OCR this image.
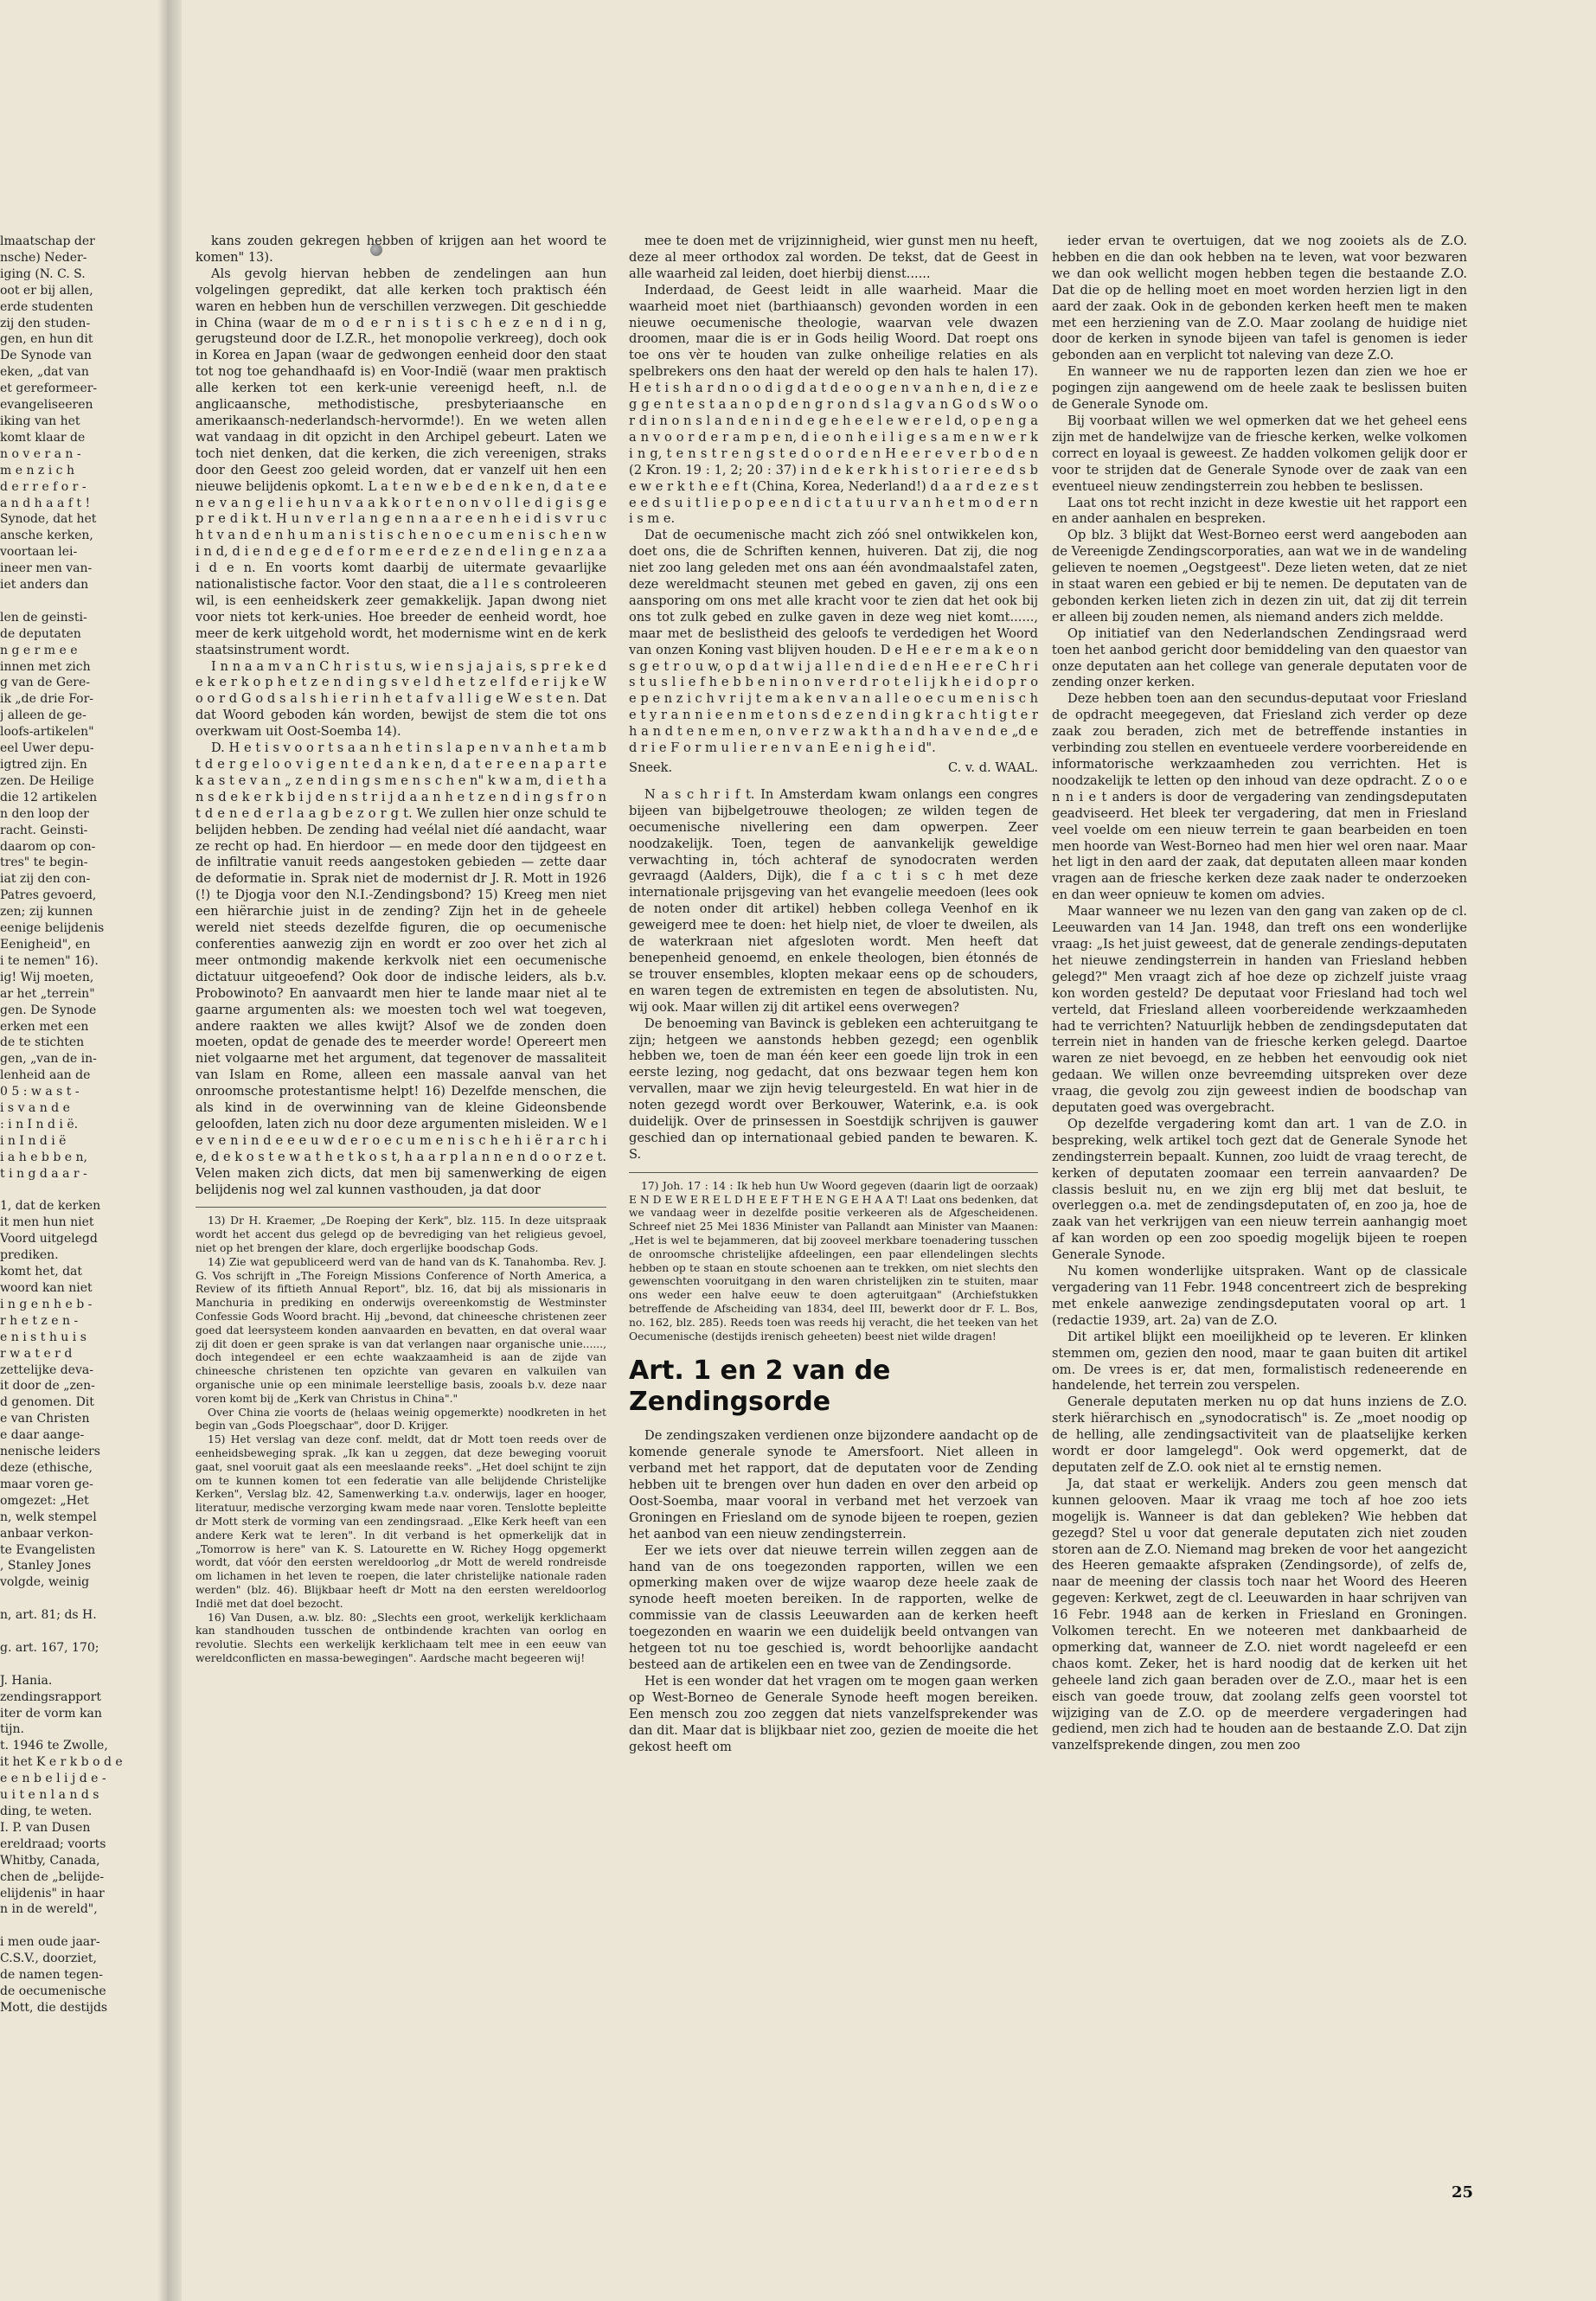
lmaatschap der
nsche) Neder-
iging (N. C. S.
oot er bij allen,
erde studenten
zij den studen-
gen, en hun dit
De Synode van
eken, „dat van
et gereformeer-
evangeliseeren
iking van het
komt klaar de
n o v e r a n -
m e n z i c h
d e r r e f o r -
a n d h a a f t !
Synode, dat het
ansche kerken,
voortaan lei-
ineer men van-
iet anders dan

len de geinsti-
de deputaten
n g e r m e e
innen met zich
g van de Gere-
ik „de drie For-
j alleen de ge-
loofs-artikelen"
eel Uwer depu-
igtred zijn. En
zen. De Heilige
die 12 artikelen
n den loop der
racht. Geinsti-
daarom op con-
tres" te begin-
iat zij den con-
Patres gevoerd,
zen; zij kunnen
eenige belijdenis
Eenigheid", en
i te nemen" 16).
ig! Wij moeten,
ar het „terrein"
gen. De Synode
erken met een
de te stichten
gen, „van de in-
lenheid aan de
0 5 : w a s t -
i s v a n d e
: i n I n d i ë.
i n I n d i ë
i a h e b b e n,
t i n g d a a r -

1, dat de kerken
it men hun niet
Voord uitgelegd
prediken.
komt het, dat
woord kan niet
i n g e n h e b -
r h e t z e n -
e n i s t h u i s
r w a t e r d
zettelijke deva-
it door de „zen-
d genomen. Dit
e van Christen
e daar aange-
nenische leiders
deze (ethische,
maar voren ge-
omgezet: „Het
n, welk stempel
anbaar verkon-
te Evangelisten
, Stanley Jones
volgde, weinig

n, art. 81; ds H.

g. art. 167, 170;

J. Hania.
zendingsrapport
iter de vorm kan
tijn.
t. 1946 te Zwolle,
it het K e r k b o d e
e e n b e l i j d e -
u i t e n l a n d s
ding, te weten.
I. P. van Dusen
ereldraad; voorts
Whitby, Canada,
chen de „belijde-
elijdenis" in haar
n in de wereld",

i men oude jaar-
C.S.V., doorziet,
de namen tegen-
de oecumenische
Mott, die destijds

kans zouden gekregen hebben of krijgen aan het woord te komen" 13).

Als gevolg hiervan hebben de zendelingen aan hun volgelingen gepredikt, dat alle kerken toch praktisch één waren en hebben hun de verschillen verzwegen. Dit geschiedde in China (waar de m o d e r n i s t i s c h e z e n d i n g, gerugsteund door de I.Z.R., het monopolie verkreeg), doch ook in Korea en Japan (waar de gedwongen eenheid door den staat tot nog toe gehandhaafd is) en Voor-Indië (waar men praktisch alle kerken tot een kerk-unie vereenigd heeft, n.l. de anglicaansche, methodistische, presbyteriaansche en amerikaansch-nederlandsch-hervormde!). En we weten allen wat vandaag in dit opzicht in den Archipel gebeurt. Laten we toch niet denken, dat die kerken, die zich vereenigen, straks door den Geest zoo geleid worden, dat er vanzelf uit hen een nieuwe belijdenis opkomt. L a t e n w e b e d e n k e n, d a t e e n e v a n g e l i e h u n v a a k k o r t e n o n v o l l e d i g i s g e p r e d i k t. H u n v e r l a n g e n n a a r e e n h e i d i s v r u c h t v a n d e n h u m a n i s t i s c h e n o e c u m e n i s c h e n w i n d, d i e n d e g e d e f o r m e e r d e z e n d e l i n g e n z a a i d e n. En voorts komt daarbij de uitermate gevaarlijke nationalistische factor. Voor den staat, die a l l e s controleeren wil, is een eenheidskerk zeer gemakkelijk. Japan dwong niet voor niets tot kerk-unies. Hoe breeder de eenheid wordt, hoe meer de kerk uitgehold wordt, het modernisme wint en de kerk staatsinstrument wordt.

I n n a a m v a n C h r i s t u s, w i e n s j a j a i s, s p r e k e d e k e r k o p h e t z e n d i n g s v e l d h e t z e l f d e r i j k e W o o r d G o d s a l s h i e r i n h e t a f v a l l i g e W e s t e n. Dat dat Woord geboden kán worden, bewijst de stem die tot ons overkwam uit Oost-Soemba 14).

D. H e t i s v o o r t s a a n h e t i n s l a p e n v a n h e t a m b t d e r g e l o o v i g e n t e d a n k e n, d a t e r e e n a p a r t e k a s t e v a n „ z e n d i n g s m e n s c h e n" k w a m, d i e t h a n s d e k e r k b i j d e n s t r i j d a a n h e t z e n d i n g s f r o n t d e n e d e r l a a g b e z o r g t. We zullen hier onze schuld te belijden hebben. De zending had veélal niet díé aandacht, waar ze recht op had. En hierdoor — en mede door den tijdgeest en de infiltratie vanuit reeds aangestoken gebieden — zette daar de deformatie in. Sprak niet de modernist dr J. R. Mott in 1926 (!) te Djogja voor den N.I.-Zendingsbond? 15) Kreeg men niet een hiërarchie juist in de zending? Zijn het in de geheele wereld niet steeds dezelfde figuren, die op oecumenische conferenties aanwezig zijn en wordt er zoo over het zich al meer ontmondig makende kerkvolk niet een oecumenische dictatuur uitgeoefend? Ook door de indische leiders, als b.v. Probowinoto? En aanvaardt men hier te lande maar niet al te gaarne argumenten als: we moesten toch wel wat toegeven, andere raakten we alles kwijt? Alsof we de zonden doen moeten, opdat de genade des te meerder worde! Opereert men niet volgaarne met het argument, dat tegenover de massaliteit van Islam en Rome, alleen een massale aanval van het onroomsche protestantisme helpt! 16) Dezelfde menschen, die als kind in de overwinning van de kleine Gideonsbende geloofden, laten zich nu door deze argumenten misleiden. W e l e v e n i n d e e e u w d e r o e c u m e n i s c h e h i ë r a r c h i e, d e k o s t e w a t h e t k o s t, h a a r p l a n n e n d o o r z e t. Velen maken zich dicts, dat men bij samenwerking de eigen belijdenis nog wel zal kunnen vasthouden, ja dat door

13) Dr H. Kraemer, „De Roeping der Kerk", blz. 115. In deze uitspraak wordt het accent dus gelegd op de bevrediging van het religieus gevoel, niet op het brengen der klare, doch ergerlijke boodschap Gods.

14) Zie wat gepubliceerd werd van de hand van ds K. Tanahomba. Rev. J. G. Vos schrijft in „The Foreign Missions Conference of North America, a Review of its fiftieth Annual Report", blz. 16, dat bij als missionaris in Manchuria in prediking en onderwijs overeenkomstig de Westminster Confessie Gods Woord bracht. Hij „bevond, dat chineesche christenen zeer goed dat leersysteem konden aanvaarden en bevatten, en dat overal waar zij dit doen er geen sprake is van dat verlangen naar organische unie......, doch integendeel er een echte waakzaamheid is aan de zijde van chineesche christenen ten opzichte van gevaren en valkuilen van organische unie op een minimale leerstellige basis, zooals b.v. deze naar voren komt bij de „Kerk van Christus in China"."

Over China zie voorts de (helaas weinig opgemerkte) noodkreten in het begin van „Gods Ploegschaar", door D. Krijger.

15) Het verslag van deze conf. meldt, dat dr Mott toen reeds over de eenheidsbeweging sprak. „Ik kan u zeggen, dat deze beweging vooruit gaat, snel vooruit gaat als een meeslaande reeks". „Het doel schijnt te zijn om te kunnen komen tot een federatie van alle belijdende Christelijke Kerken", Verslag blz. 42, Samenwerking t.a.v. onderwijs, lager en hooger, literatuur, medische verzorging kwam mede naar voren. Tenslotte bepleitte dr Mott sterk de vorming van een zendingsraad. „Elke Kerk heeft van een andere Kerk wat te leren". In dit verband is het opmerkelijk dat in „Tomorrow is here" van K. S. Latourette en W. Richey Hogg opgemerkt wordt, dat vóór den eersten wereldoorlog „dr Mott de wereld rondreisde om lichamen in het leven te roepen, die later christelijke nationale raden werden" (blz. 46). Blijkbaar heeft dr Mott na den eersten wereldoorlog Indië met dat doel bezocht.

16) Van Dusen, a.w. blz. 80: „Slechts een groot, werkelijk kerklichaam kan standhouden tusschen de ontbindende krachten van oorlog en revolutie. Slechts een werkelijk kerklichaam telt mee in een eeuw van wereldconflicten en massa-bewegingen". Aardsche macht begeeren wij!

mee te doen met de vrijzinnigheid, wier gunst men nu heeft, deze al meer orthodox zal worden. De tekst, dat de Geest in alle waarheid zal leiden, doet hierbij dienst......

Inderdaad, de Geest leidt in alle waarheid. Maar die waarheid moet niet (barthiaansch) gevonden worden in een nieuwe oecumenische theologie, waarvan vele dwazen droomen, maar die is er in Gods heilig Woord. Dat roept ons toe ons vèr te houden van zulke onheilige relaties en als spelbrekers ons den haat der wereld op den hals te halen 17). H e t i s h a r d n o o d i g d a t d e o o g e n v a n h e n, d i e z e g g e n t e s t a a n o p d e n g r o n d s l a g v a n G o d s W o o r d i n o n s l a n d e n i n d e g e h e e l e w e r e l d, o p e n g a a n v o o r d e r a m p e n, d i e o n h e i l i g e s a m e n w e r k i n g, t e n s t r e n g s t e d o o r d e n H e e r e v e r b o d e n (2 Kron. 19 : 1, 2; 20 : 37) i n d e k e r k h i s t o r i e r e e d s b e w e r k t h e e f t (China, Korea, Nederland!) d a a r d e z e s t e e d s u i t l i e p o p e e n d i c t a t u u r v a n h e t m o d e r n i s m e.

Dat de oecumenische macht zich zóó snel ontwikkelen kon, doet ons, die de Schriften kennen, huiveren. Dat zij, die nog niet zoo lang geleden met ons aan één avondmaalstafel zaten, deze wereldmacht steunen met gebed en gaven, zij ons een aansporing om ons met alle kracht voor te zien dat het ook bij ons tot zulk gebed en zulke gaven in deze weg niet komt......, maar met de beslistheid des geloofs te verdedigen het Woord van onzen Koning vast blijven houden. D e H e e r e m a k e o n s g e t r o u w, o p d a t w i j a l l e n d i e d e n H e e r e C h r i s t u s l i e f h e b b e n i n o n v e r d r o t e l i j k h e i d o p r o e p e n z i c h v r i j t e m a k e n v a n a l l e o e c u m e n i s c h e t y r a n n i e e n m e t o n s d e z e n d i n g k r a c h t i g t e r h a n d t e n e m e n, o n v e r z w a k t h a n d h a v e n d e „d e d r i e F o r m u l i e r e n v a n E e n i g h e i d".

Sneek.	C. v. d. WAAL.

N a s c h r i f t. In Amsterdam kwam onlangs een congres bijeen van bijbelgetrouwe theologen; ze wilden tegen de oecumenische nivellering een dam opwerpen. Zeer noodzakelijk. Toen, tegen de aanvankelijk geweldige verwachting in, tóch achteraf de synodocraten werden gevraagd (Aalders, Dijk), die f a c t i s c h met deze internationale prijsgeving van het evangelie meedoen (lees ook de noten onder dit artikel) hebben collega Veenhof en ik geweigerd mee te doen: het hielp niet, de vloer te dweilen, als de waterkraan niet afgesloten wordt. Men heeft dat benepenheid genoemd, en enkele theologen, bien étonnés de se trouver ensembles, klopten mekaar eens op de schouders, en waren tegen de extremisten en tegen de absolutisten. Nu, wij ook. Maar willen zij dit artikel eens overwegen?

De benoeming van Bavinck is gebleken een achteruitgang te zijn; hetgeen we aanstonds hebben gezegd; een ogenblik hebben we, toen de man één keer een goede lijn trok in een eerste lezing, nog gedacht, dat ons bezwaar tegen hem kon vervallen, maar we zijn hevig teleurgesteld. En wat hier in de noten gezegd wordt over Berkouwer, Waterink, e.a. is ook duidelijk. Over de prinsessen in Soestdijk schrijven is gauwer geschied dan op internationaal gebied panden te bewaren. K. S.

17) Joh. 17 : 14 : Ik heb hun Uw Woord gegeven (daarin ligt de oorzaak) E N D E W E R E L D H E E F T H E N G E H A A T! Laat ons bedenken, dat we vandaag weer in dezelfde positie verkeeren als de Afgescheidenen. Schreef niet 25 Mei 1836 Minister van Pallandt aan Minister van Maanen: „Het is wel te bejammeren, dat bij zooveel merkbare toenadering tusschen de onroomsche christelijke afdeelingen, een paar ellendelingen slechts hebben op te staan en stoute schoenen aan te trekken, om niet slechts den gewenschten vooruitgang in den waren christelijken zin te stuiten, maar ons weder een halve eeuw te doen agteruitgaan" (Archiefstukken betreffende de Afscheiding van 1834, deel III, bewerkt door dr F. L. Bos, no. 162, blz. 285). Reeds toen was reeds hij veracht, die het teeken van het Oecumenische (destijds irenisch geheeten) beest niet wilde dragen!

Art. 1 en 2 van de Zendingsorde

De zendingszaken verdienen onze bijzondere aandacht op de komende generale synode te Amersfoort. Niet alleen in verband met het rapport, dat de deputaten voor de Zending hebben uit te brengen over hun daden en over den arbeid op Oost-Soemba, maar vooral in verband met het verzoek van Groningen en Friesland om de synode bijeen te roepen, gezien het aanbod van een nieuw zendingsterrein.

Eer we iets over dat nieuwe terrein willen zeggen aan de hand van de ons toegezonden rapporten, willen we een opmerking maken over de wijze waarop deze heele zaak de synode heeft moeten bereiken. In de rapporten, welke de commissie van de classis Leeuwarden aan de kerken heeft toegezonden en waarin we een duidelijk beeld ontvangen van hetgeen tot nu toe geschied is, wordt behoorlijke aandacht besteed aan de artikelen een en twee van de Zendingsorde.

Het is een wonder dat het vragen om te mogen gaan werken op West-Borneo de Generale Synode heeft mogen bereiken. Een mensch zou zoo zeggen dat niets vanzelfsprekender was dan dit. Maar dat is blijkbaar niet zoo, gezien de moeite die het gekost heeft om

ieder ervan te overtuigen, dat we nog zooiets als de Z.O. hebben en die dan ook hebben na te leven, wat voor bezwaren we dan ook wellicht mogen hebben tegen die bestaande Z.O. Dat die op de helling moet en moet worden herzien ligt in den aard der zaak. Ook in de gebonden kerken heeft men te maken met een herziening van de Z.O. Maar zoolang de huidige niet door de kerken in synode bijeen van tafel is genomen is ieder gebonden aan en verplicht tot naleving van deze Z.O.

En wanneer we nu de rapporten lezen dan zien we hoe er pogingen zijn aangewend om de heele zaak te beslissen buiten de Generale Synode om.

Bij voorbaat willen we wel opmerken dat we het geheel eens zijn met de handelwijze van de friesche kerken, welke volkomen correct en loyaal is geweest. Ze hadden volkomen gelijk door er voor te strijden dat de Generale Synode over de zaak van een eventueel nieuw zendingsterrein zou hebben te beslissen.

Laat ons tot recht inzicht in deze kwestie uit het rapport een en ander aanhalen en bespreken.

Op blz. 3 blijkt dat West-Borneo eerst werd aangeboden aan de Vereenigde Zendingscorporaties, aan wat we in de wandeling gelieven te noemen „Oegstgeest". Deze lieten weten, dat ze niet in staat waren een gebied er bij te nemen. De deputaten van de gebonden kerken lieten zich in dezen zin uit, dat zij dit terrein er alleen bij zouden nemen, als niemand anders zich meldde.

Op initiatief van den Nederlandschen Zendingsraad werd toen het aanbod gericht door bemiddeling van den quaestor van onze deputaten aan het college van generale deputaten voor de zending onzer kerken.

Deze hebben toen aan den secundus-deputaat voor Friesland de opdracht meegegeven, dat Friesland zich verder op deze zaak zou beraden, zich met de betreffende instanties in verbinding zou stellen en eventueele verdere voorbereidende en informatorische werkzaamheden zou verrichten. Het is noodzakelijk te letten op den inhoud van deze opdracht. Z o o e n n i e t anders is door de vergadering van zendingsdeputaten geadviseerd. Het bleek ter vergadering, dat men in Friesland veel voelde om een nieuw terrein te gaan bearbeiden en toen men hoorde van West-Borneo had men hier wel oren naar. Maar het ligt in den aard der zaak, dat deputaten alleen maar konden vragen aan de friesche kerken deze zaak nader te onderzoeken en dan weer opnieuw te komen om advies.

Maar wanneer we nu lezen van den gang van zaken op de cl. Leeuwarden van 14 Jan. 1948, dan treft ons een wonderlijke vraag: „Is het juist geweest, dat de generale zendings-deputaten het nieuwe zendingsterrein in handen van Friesland hebben gelegd?" Men vraagt zich af hoe deze op zichzelf juiste vraag kon worden gesteld? De deputaat voor Friesland had toch wel verteld, dat Friesland alleen voorbereidende werkzaamheden had te verrichten? Natuurlijk hebben de zendingsdeputaten dat terrein niet in handen van de friesche kerken gelegd. Daartoe waren ze niet bevoegd, en ze hebben het eenvoudig ook niet gedaan. We willen onze bevreemding uitspreken over deze vraag, die gevolg zou zijn geweest indien de boodschap van deputaten goed was overgebracht.

Op dezelfde vergadering komt dan art. 1 van de Z.O. in bespreking, welk artikel toch gezt dat de Generale Synode het zendingsterrein bepaalt. Kunnen, zoo luidt de vraag terecht, de kerken of deputaten zoomaar een terrein aanvaarden? De classis besluit nu, en we zijn erg blij met dat besluit, te overleggen o.a. met de zendingsdeputaten of, en zoo ja, hoe de zaak van het verkrijgen van een nieuw terrein aanhangig moet af kan worden op een zoo spoedig mogelijk bijeen te roepen Generale Synode.

Nu komen wonderlijke uitspraken. Want op de classicale vergadering van 11 Febr. 1948 concentreert zich de bespreking met enkele aanwezige zendingsdeputaten vooral op art. 1 (redactie 1939, art. 2a) van de Z.O.

Dit artikel blijkt een moeilijkheid op te leveren. Er klinken stemmen om, gezien den nood, maar te gaan buiten dit artikel om. De vrees is er, dat men, formalistisch redeneerende en handelende, het terrein zou verspelen.

Generale deputaten merken nu op dat huns inziens de Z.O. sterk hiërarchisch en „synodocratisch" is. Ze „moet noodig op de helling, alle zendingsactiviteit van de plaatselijke kerken wordt er door lamgelegd". Ook werd opgemerkt, dat de deputaten zelf de Z.O. ook niet al te ernstig nemen.

Ja, dat staat er werkelijk. Anders zou geen mensch dat kunnen gelooven. Maar ik vraag me toch af hoe zoo iets mogelijk is. Wanneer is dat dan gebleken? Wie hebben dat gezegd? Stel u voor dat generale deputaten zich niet zouden storen aan de Z.O. Niemand mag breken de voor het aangezicht des Heeren gemaakte afspraken (Zendingsorde), of zelfs de, naar de meening der classis toch naar het Woord des Heeren gegeven: Kerkwet, zegt de cl. Leeuwarden in haar schrijven van 16 Febr. 1948 aan de kerken in Friesland en Groningen. Volkomen terecht. En we noteeren met dankbaarheid de opmerking dat, wanneer de Z.O. niet wordt nageleefd er een chaos komt. Zeker, het is hard noodig dat de kerken uit het geheele land zich gaan beraden over de Z.O., maar het is een eisch van goede trouw, dat zoolang zelfs geen voorstel tot wijziging van de Z.O. op de meerdere vergaderingen had gediend, men zich had te houden aan de bestaande Z.O. Dat zijn vanzelfsprekende dingen, zou men zoo

25
